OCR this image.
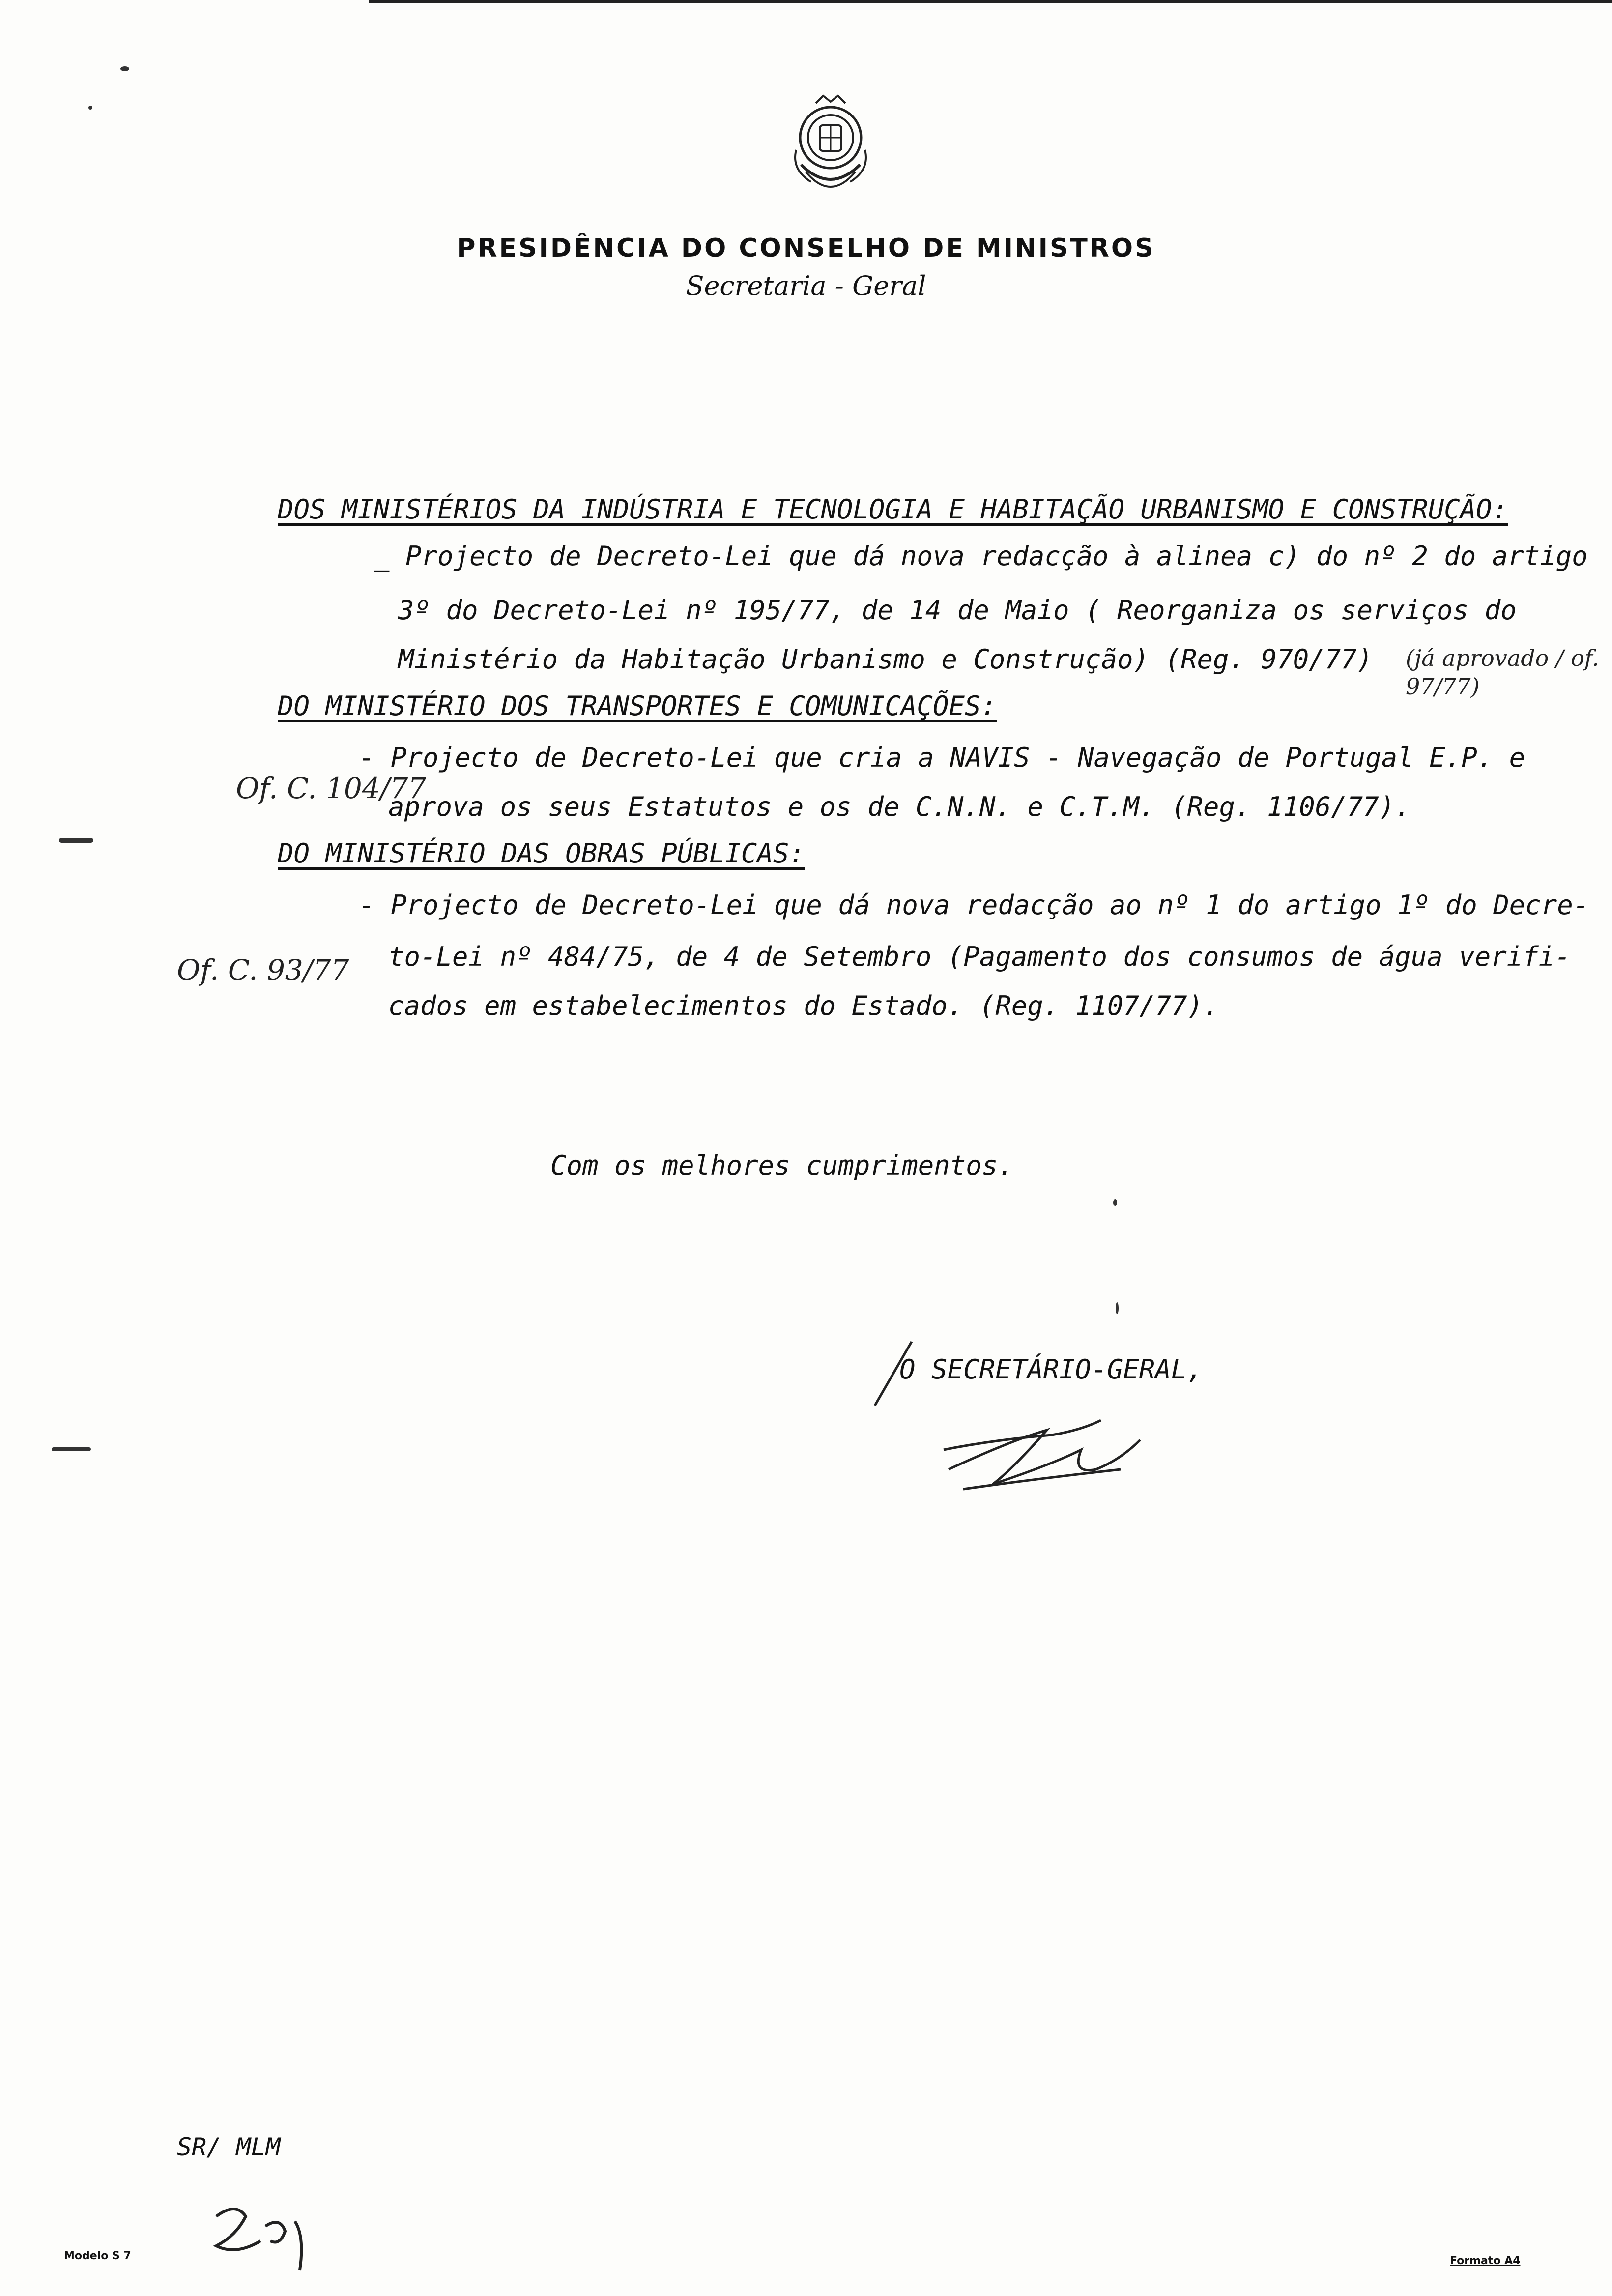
PRESIDÊNCIA DO CONSELHO DE MINISTROS
Secretaria - Geral
DOS MINISTÉRIOS DA INDÚSTRIA E TECNOLOGIA E HABITAÇÃO URBANISMO E CONSTRUÇÃO:
_ Projecto de Decreto-Lei que dá nova redacção à alinea c) do nº 2 do artigo
3º do Decreto-Lei nº 195/77, de 14 de Maio ( Reorganiza os serviços do
Ministério da Habitação Urbanismo e Construção) (Reg. 970/77) (já aprovado / of. 97/77)
DO MINISTÉRIO DOS TRANSPORTES E COMUNICAÇÕES:
- Projecto de Decreto-Lei que cria a NAVIS - Navegação de Portugal E.P. e
aprova os seus Estatutos e os de C.N.N. e C.T.M. (Reg. 1106/77).
Of. C. 104/77
DO MINISTÉRIO DAS OBRAS PÚBLICAS:
- Projecto de Decreto-Lei que dá nova redacção ao nº 1 do artigo 1º do Decre-
to-Lei nº 484/75, de 4 de Setembro (Pagamento dos consumos de água verifi-
cados em estabelecimentos do Estado. (Reg. 1107/77).
Of. C. 93/77
Com os melhores cumprimentos.
O SECRETÁRIO-GERAL,
SR/ MLM
Modelo S 7	Formato A4
